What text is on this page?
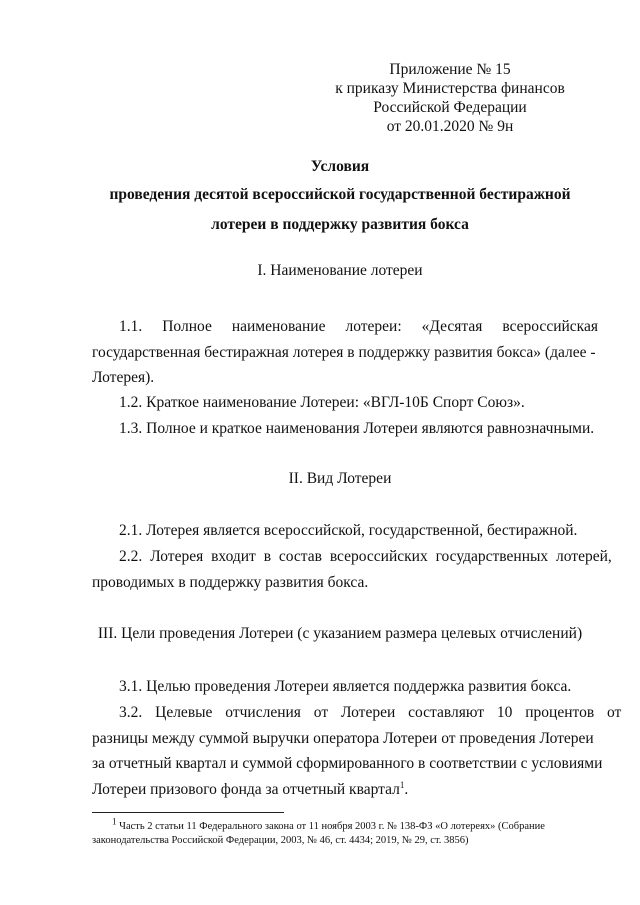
Приложение № 15
к приказу Министерства финансов
Российской Федерации
от 20.01.2020 № 9н
Условия
проведения десятой всероссийской государственной бестиражной
лотереи в поддержку развития бокса
I. Наименование лотереи
1.1. Полное наименование лотереи: «Десятая всероссийская
государственная бестиражная лотерея в поддержку развития бокса» (далее -
Лотерея).
1.2. Краткое наименование Лотереи: «ВГЛ-10Б Спорт Союз».
1.3. Полное и краткое наименования Лотереи являются равнозначными.
II. Вид Лотереи
2.1. Лотерея является всероссийской, государственной, бестиражной.
2.2. Лотерея входит в состав всероссийских государственных лотерей,
проводимых в поддержку развития бокса.
III. Цели проведения Лотереи (с указанием размера целевых отчислений)
3.1. Целью проведения Лотереи является поддержка развития бокса.
3.2. Целевые отчисления от Лотереи составляют 10 процентов от
разницы между суммой выручки оператора Лотереи от проведения Лотереи
за отчетный квартал и суммой сформированного в соответствии с условиями
Лотереи призового фонда за отчетный квартал$^1$.
$^1$ Часть 2 статьи 11 Федерального закона от 11 ноября 2003 г. № 138-ФЗ «О лотереях» (Собрание
законодательства Российской Федерации, 2003, № 46, ст. 4434; 2019, № 29, ст. 3856)
